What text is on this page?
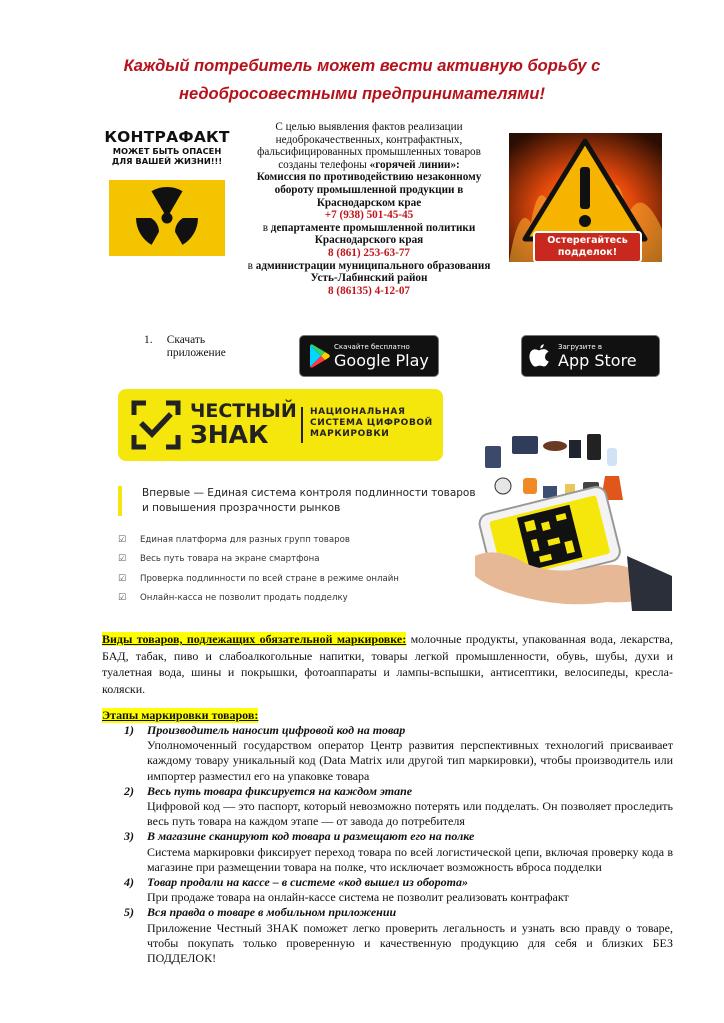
Каждый потребитель может вести активную борьбу с недобросовестными предпринимателями!
КОНТРАФАКТ
МОЖЕТ БЫТЬ ОПАСЕН
ДЛЯ ВАШЕЙ ЖИЗНИ!!!
С целью выявления фактов реализации недоброкачественных, контрафактных, фальсифицированных промышленных товаров созданы телефоны «горячей линии»:
Комиссия по противодействию незаконному обороту промышленной продукции в Краснодарском крае
+7 (938) 501-45-45
в департаменте промышленной политики Краснодарского края
8 (861) 253-63-77
в администрации муниципального образования Усть-Лабинский район
8 (86135) 4-12-07
Остерегайтесь подделок!
1. Скачать приложение
Скачайте бесплатно
Google Play
Загрузите в
App Store
ЧЕСТНЫЙ
ЗНАК
НАЦИОНАЛЬНАЯ
СИСТЕМА ЦИФРОВОЙ
МАРКИРОВКИ
Впервые — Единая система контроля подлинности товаров и повышения прозрачности рынков
☑	Единая платформа для разных групп товаров
☑	Весь путь товара на экране смартфона
☑	Проверка подлинности по всей стране в режиме онлайн
☑	Онлайн-касса не позволит продать подделку
Виды товаров, подлежащих обязательной маркировке: молочные продукты, упакованная вода, лекарства, БАД, табак, пиво и слабоалкогольные напитки, товары легкой промышленности, обувь, шубы, духи и туалетная вода, шины и покрышки, фотоаппараты и лампы-вспышки, антисептики, велосипеды, кресла-коляски.
Этапы маркировки товаров:
1) Производитель наносит цифровой код на товар
Уполномоченный государством оператор Центр развития перспективных технологий присваивает каждому товару уникальный код (Data Matrix или другой тип маркировки), чтобы производитель или импортер разместил его на упаковке товара
2) Весь путь товара фиксируется на каждом этапе
Цифровой код — это паспорт, который невозможно потерять или подделать. Он позволяет проследить весь путь товара на каждом этапе — от завода до потребителя
3) В магазине сканируют код товара и размещают его на полке
Система маркировки фиксирует переход товара по всей логистической цепи, включая проверку кода в магазине при размещении товара на полке, что исключает возможность вброса подделки
4) Товар продали на кассе – в системе «код вышел из оборота»
При продаже товара на онлайн-кассе система не позволит реализовать контрафакт
5) Вся правда о товаре в мобильном приложении
Приложение Честный ЗНАК поможет легко проверить легальность и узнать всю правду о товаре, чтобы покупать только проверенную и качественную продукцию для себя и близких БЕЗ ПОДДЕЛОК!
